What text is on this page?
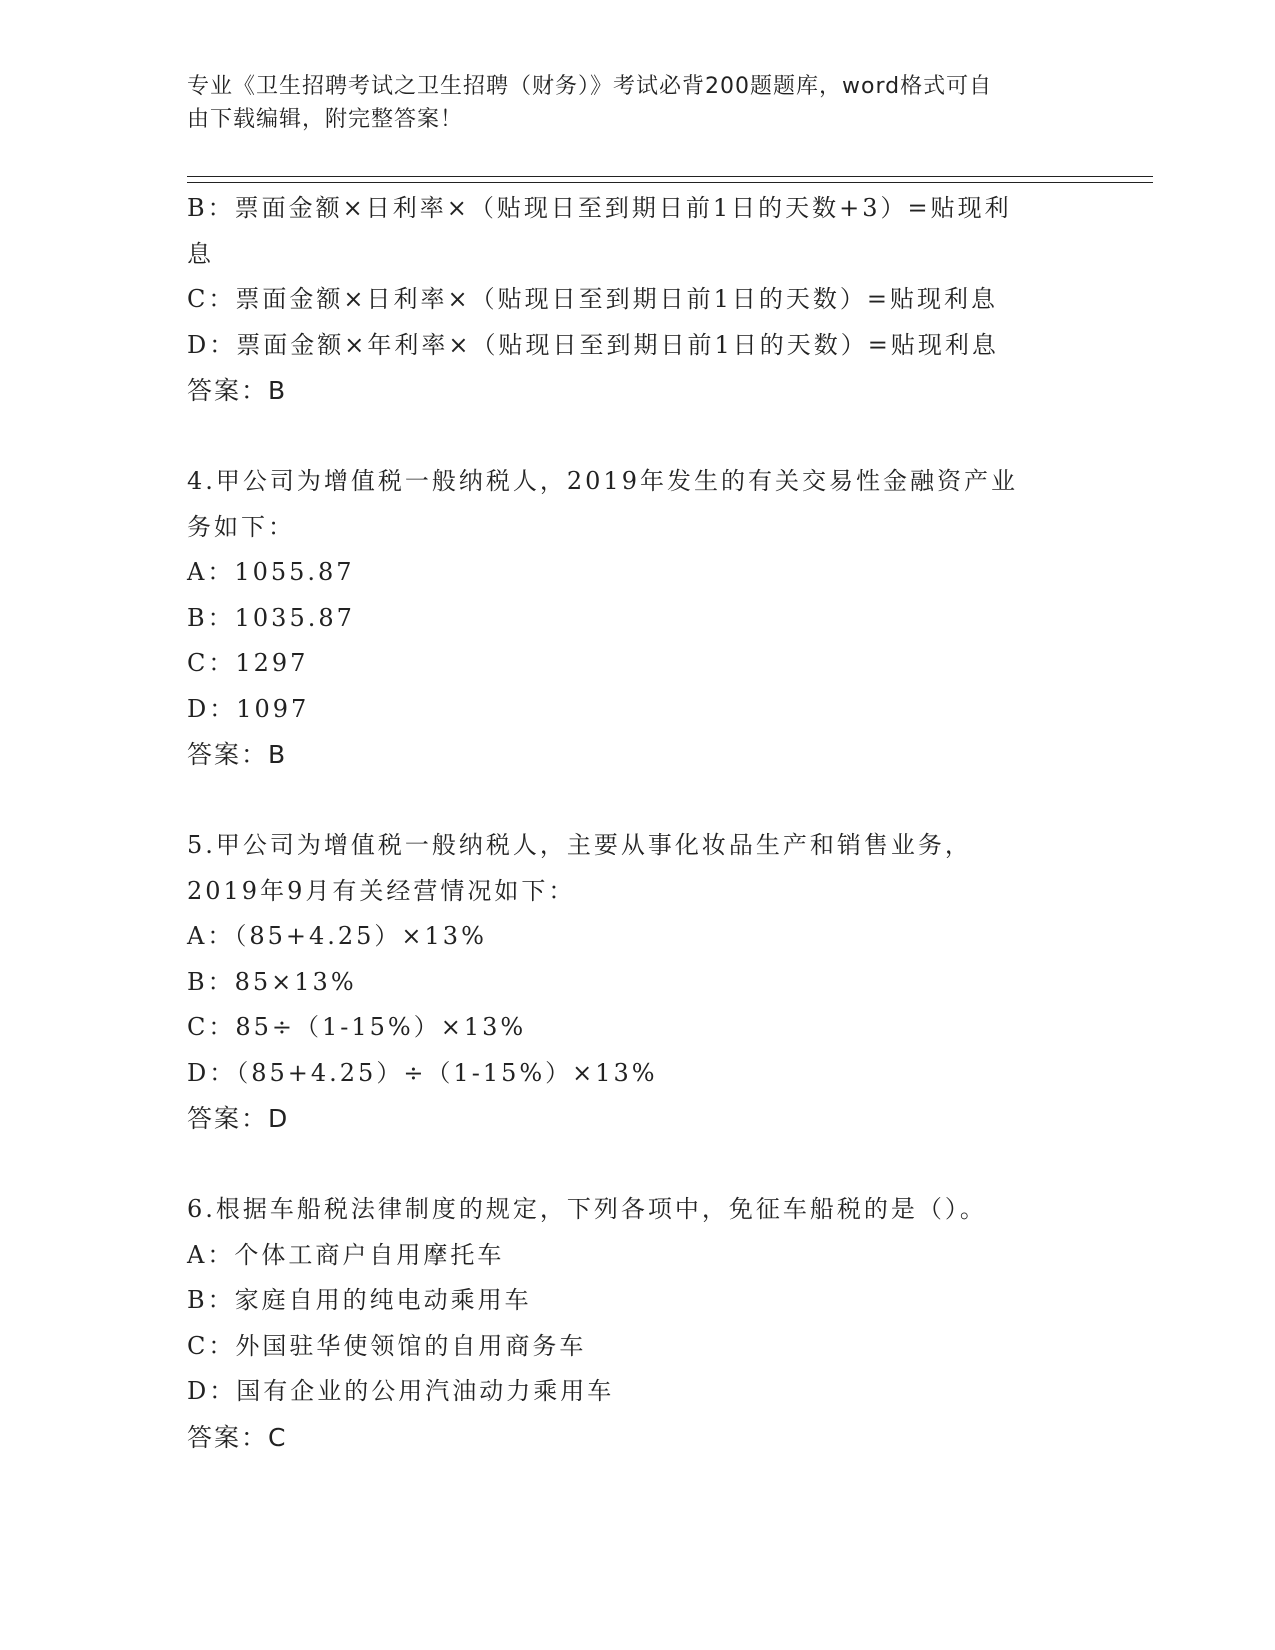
专业《卫生招聘考试之卫生招聘（财务）》考试必背200题题库，word格式可自
由下载编辑，附完整答案！
B：票面金额×日利率×（贴现日至到期日前1日的天数+3）=贴现利
息
C：票面金额×日利率×（贴现日至到期日前1日的天数）=贴现利息
D：票面金额×年利率×（贴现日至到期日前1日的天数）=贴现利息
答案：B
4.甲公司为增值税一般纳税人，2019年发生的有关交易性金融资产业
务如下：
A：1055.87
B：1035.87
C：1297
D：1097
答案：B
5.甲公司为增值税一般纳税人，主要从事化妆品生产和销售业务，
2019年9月有关经营情况如下：
A：（85+4.25）×13%
B：85×13%
C：85÷（1-15%）×13%
D：（85+4.25）÷（1-15%）×13%
答案：D
6.根据车船税法律制度的规定，下列各项中，免征车船税的是（）。
A：个体工商户自用摩托车
B：家庭自用的纯电动乘用车
C：外国驻华使领馆的自用商务车
D：国有企业的公用汽油动力乘用车
答案：C
